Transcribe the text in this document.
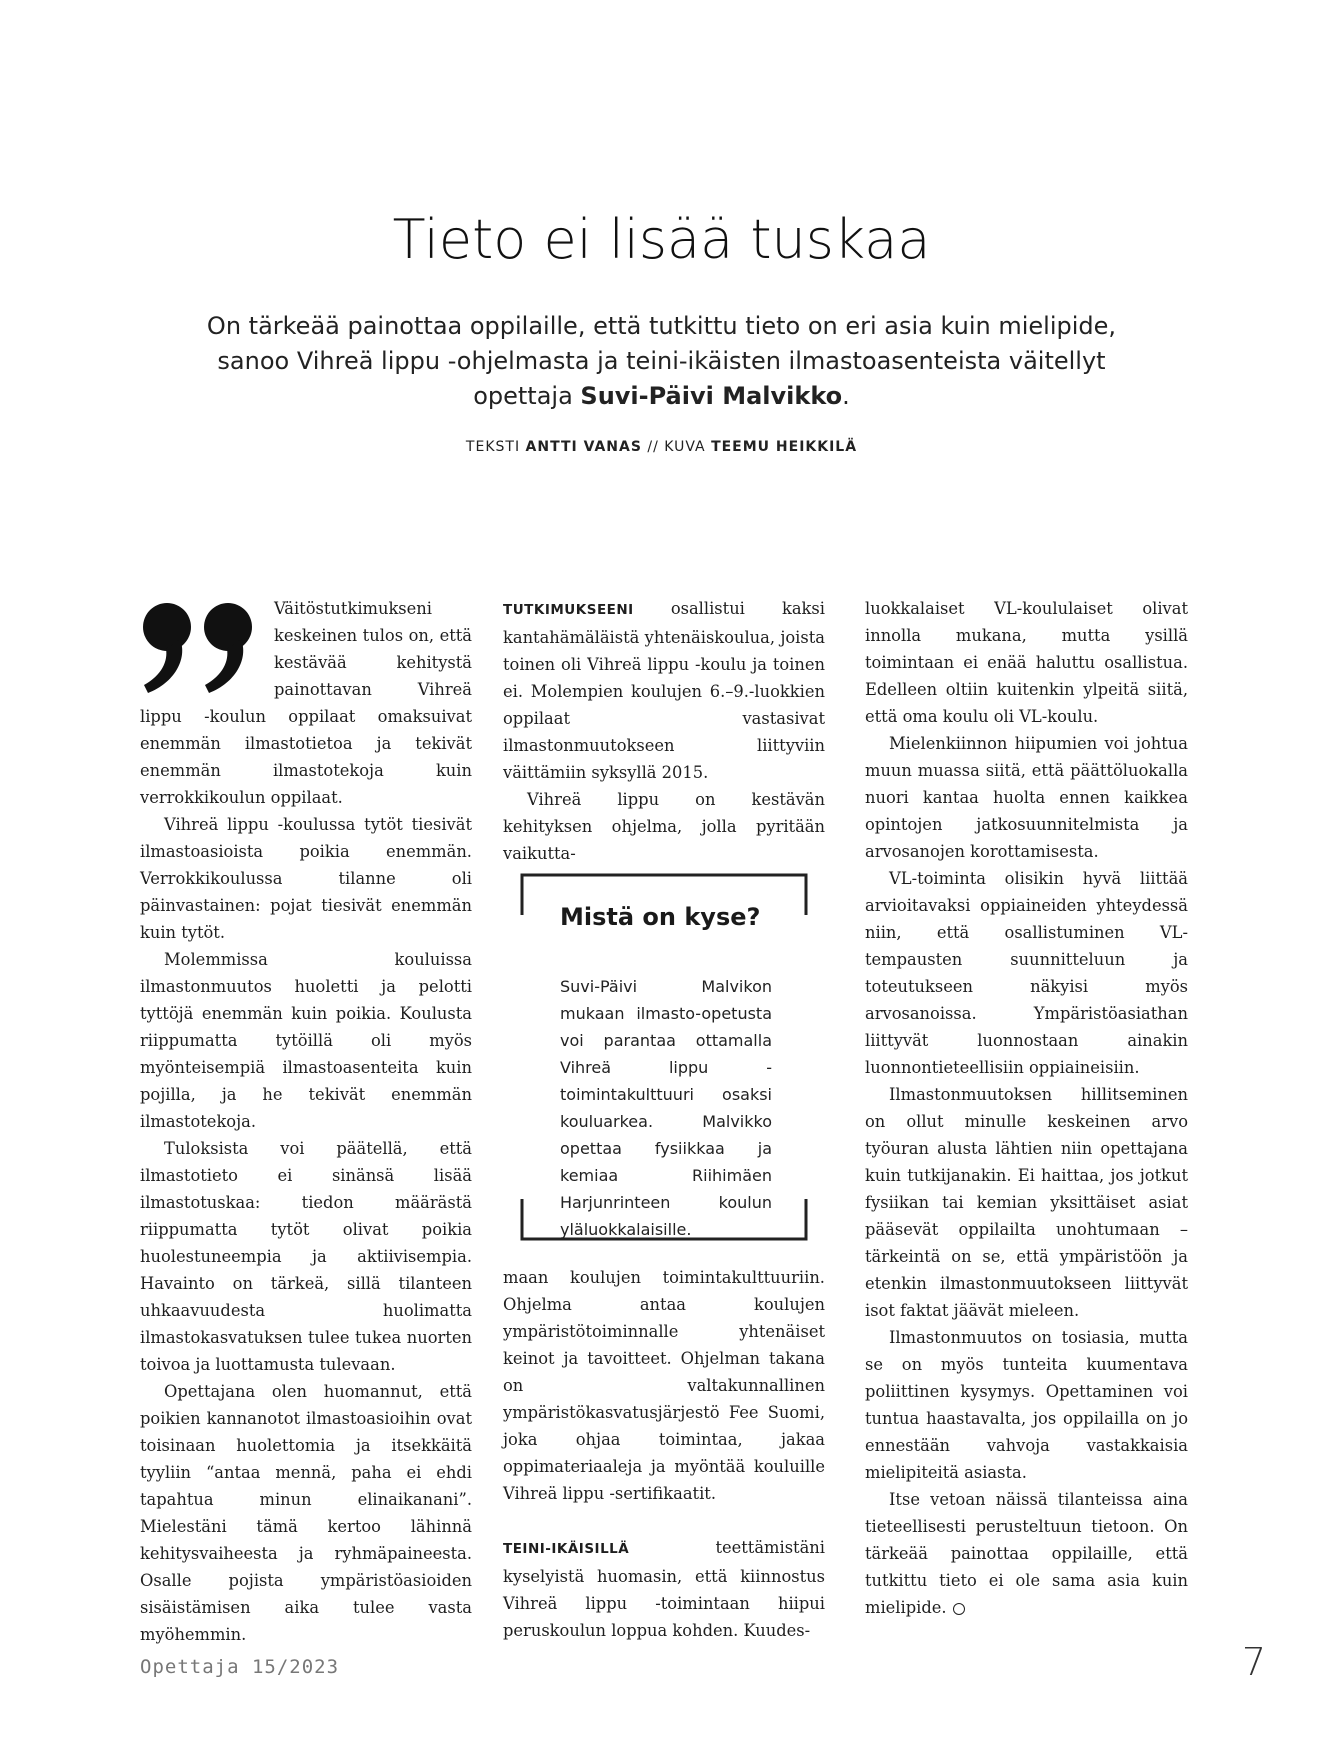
Tieto ei lisää tuskaa

On tärkeää painottaa oppilaille, että tutkittu tieto on eri asia kuin mielipide, sanoo Vihreä lippu -ohjelmasta ja teini-ikäisten ilmastoasenteista väitellyt opettaja Suvi-Päivi Malvikko.

TEKSTI ANTTI VANAS // KUVA TEEMU HEIKKILÄ

Väitöstutkimukseni keskeinen tulos on, että kestävää kehitystä painottavan Vihreä lippu -koulun oppilaat omaksuivat enemmän ilmastotietoa ja tekivät enemmän ilmastotekoja kuin verrokkikoulun oppilaat.

Vihreä lippu -koulussa tytöt tiesivät ilmastoasioista poikia enemmän. Verrokkikoulussa tilanne oli päinvastainen: pojat tiesivät enemmän kuin tytöt.

Molemmissa kouluissa ilmastonmuutos huoletti ja pelotti tyttöjä enemmän kuin poikia. Koulusta riippumatta tytöillä oli myös myönteisempiä ilmastoasenteita kuin pojilla, ja he tekivät enemmän ilmastotekoja.

Tuloksista voi päätellä, että ilmastotieto ei sinänsä lisää ilmastotuskaa: tiedon määrästä riippumatta tytöt olivat poikia huolestuneempia ja aktiivisempia. Havainto on tärkeä, sillä tilanteen uhkaavuudesta huolimatta ilmastokasvatuksen tulee tukea nuorten toivoa ja luottamusta tulevaan.

Opettajana olen huomannut, että poikien kannanotot ilmastoasioihin ovat toisinaan huolettomia ja itsekkäitä tyyliin “antaa mennä, paha ei ehdi tapahtua minun elinaikanani”. Mielestäni tämä kertoo lähinnä kehitysvaiheesta ja ryhmäpaineesta. Osalle pojista ympäristöasioiden sisäistämisen aika tulee vasta myöhemmin.

TUTKIMUKSEENI osallistui kaksi kantahämäläistä yhtenäiskoulua, joista toinen oli Vihreä lippu -koulu ja toinen ei. Molempien koulujen 6.–9.-luokkien oppilaat vastasivat ilmastonmuutokseen liittyviin väittämiin syksyllä 2015.

Vihreä lippu on kestävän kehityksen ohjelma, jolla pyritään vaikutta-

Mistä on kyse?

Suvi-Päivi Malvikon mukaan ilmasto-opetusta voi parantaa ottamalla Vihreä lippu -toimintakulttuuri osaksi kouluarkea. Malvikko opettaa fysiikkaa ja kemiaa Riihimäen Harjunrinteen koulun yläluokkalaisille.

maan koulujen toimintakulttuuriin. Ohjelma antaa koulujen ympäristötoiminnalle yhtenäiset keinot ja tavoitteet. Ohjelman takana on valtakunnallinen ympäristökasvatusjärjestö Fee Suomi, joka ohjaa toimintaa, jakaa oppimateriaaleja ja myöntää kouluille Vihreä lippu -sertifikaatit.

TEINI-IKÄISILLÄ teettämistäni kyselyistä huomasin, että kiinnostus Vihreä lippu -toimintaan hiipui peruskoulun loppua kohden. Kuudes-

luokkalaiset VL-koululaiset olivat innolla mukana, mutta ysillä toimintaan ei enää haluttu osallistua. Edelleen oltiin kuitenkin ylpeitä siitä, että oma koulu oli VL-koulu.

Mielenkiinnon hiipumien voi johtua muun muassa siitä, että päättöluokalla nuori kantaa huolta ennen kaikkea opintojen jatkosuunnitelmista ja arvosanojen korottamisesta.

VL-toiminta olisikin hyvä liittää arvioitavaksi oppiaineiden yhteydessä niin, että osallistuminen VL-tempausten suunnitteluun ja toteutukseen näkyisi myös arvosanoissa. Ympäristöasiathan liittyvät luonnostaan ainakin luonnontieteellisiin oppiaineisiin.

Ilmastonmuutoksen hillitseminen on ollut minulle keskeinen arvo työuran alusta lähtien niin opettajana kuin tutkijanakin. Ei haittaa, jos jotkut fysiikan tai kemian yksittäiset asiat pääsevät oppilailta unohtumaan – tärkeintä on se, että ympäristöön ja etenkin ilmastonmuutokseen liittyvät isot faktat jäävät mieleen.

Ilmastonmuutos on tosiasia, mutta se on myös tunteita kuumentava poliittinen kysymys. Opettaminen voi tuntua haastavalta, jos oppilailla on jo ennestään vahvoja vastakkaisia mielipiteitä asiasta.

Itse vetoan näissä tilanteissa aina tieteellisesti perusteltuun tietoon. On tärkeää painottaa oppilaille, että tutkittu tieto ei ole sama asia kuin mielipide.

Opettaja 15/2023	7
